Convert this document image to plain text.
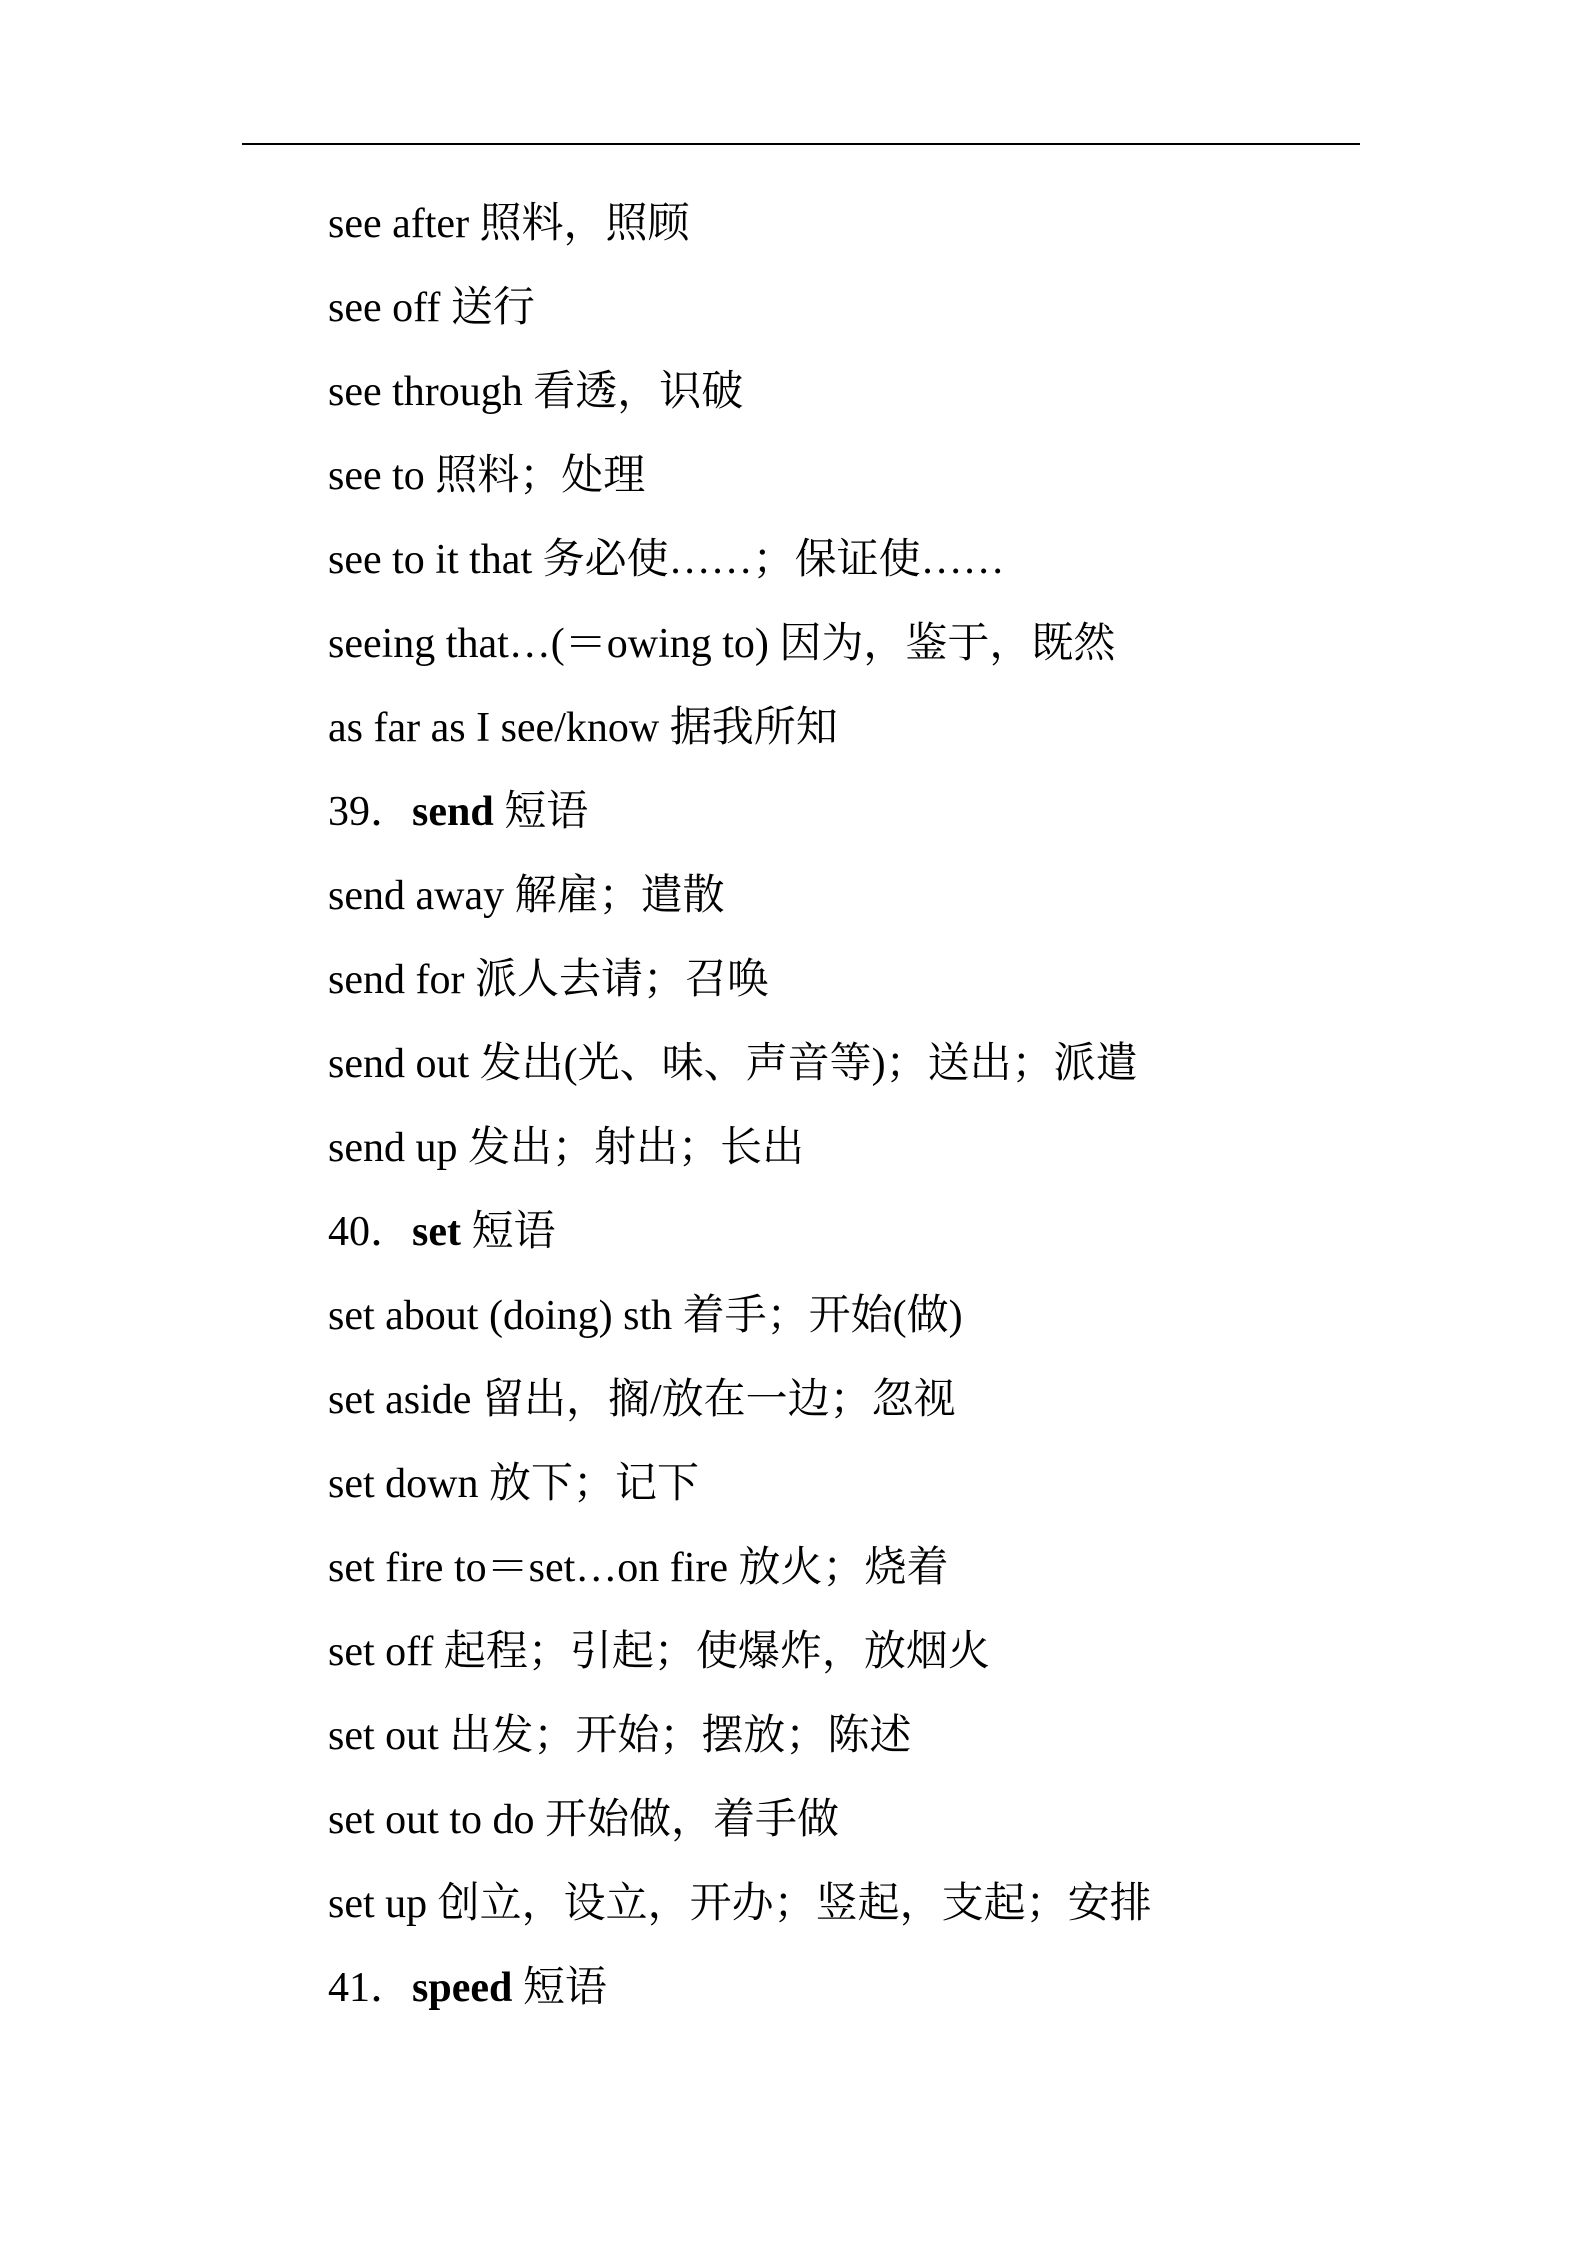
see after 照料，照顾
see off 送行
see through 看透，识破
see to 照料；处理
see to it that 务必使……；保证使……
seeing that…(＝owing to) 因为，鉴于，既然
as far as I see/know 据我所知
39．send 短语
send away 解雇；遣散
send for 派人去请；召唤
send out 发出(光、味、声音等)；送出；派遣
send up 发出；射出；长出
40．set 短语
set about (doing) sth 着手；开始(做)
set aside 留出，搁/放在一边；忽视
set down 放下；记下
set fire to＝set…on fire 放火；烧着
set off 起程；引起；使爆炸，放烟火
set out 出发；开始；摆放；陈述
set out to do 开始做，着手做
set up 创立，设立，开办；竖起，支起；安排
41．speed 短语
